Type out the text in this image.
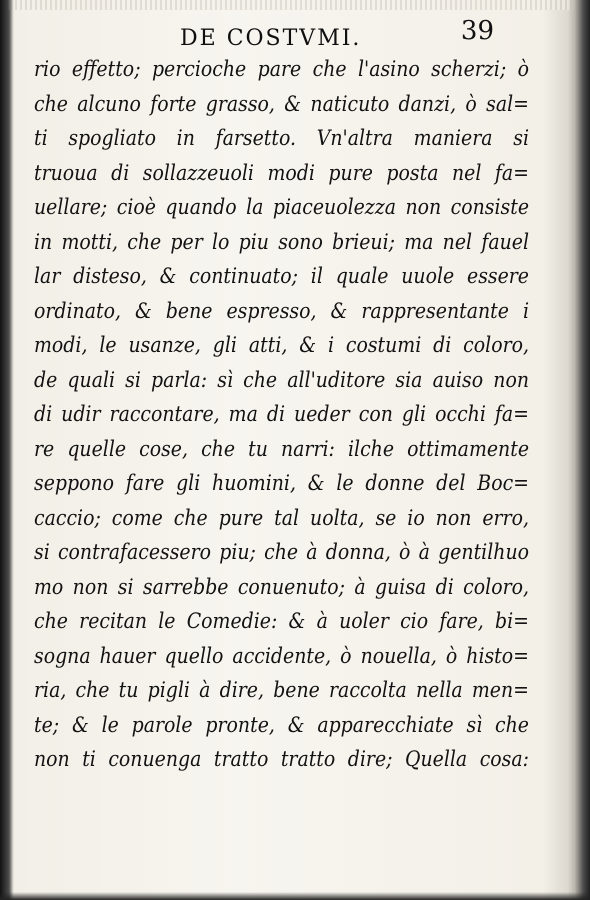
DE COSTVMI.	39
rio effetto; perciochе pare che l'asino scherzi; ò
che alcuno forte grasso, & naticuto danzi, ò sal=
ti spogliato in farsetto. Vn'altra maniera si
truoua di sollazzeuoli modi pure posta nel fa=
uellare; cioè quando la piaceuolezza non consiste
in motti, che per lo piu sono brieui; ma nel fauel
lar disteso, & continuato; il quale uuole essere
ordinato, & bene espresso, & rappresentante i
modi, le usanze, gli atti, & i costumi di coloro,
de quali si parla: sì che all'uditore sia auiso non
di udir raccontare, ma di ueder con gli occhi fa=
re quelle cose, che tu narri: ilche ottimamente
seppono fare gli huomini, & le donne del Boc=
caccio; come che pure tal uolta, se io non erro,
si contrafacessero piu; che à donna, ò à gentilhuo
mo non si sarrebbe conuenuto; à guisa di coloro,
che recitan le Comedie: & à uoler cio fare, bi=
sogna hauer quello accidente, ò nouella, ò histo=
ria, che tu pigli à dire, bene raccolta nella men=
te; & le parole pronte, & apparecchiate sì che
non ti conuenga tratto tratto dire; Quella cosa:
